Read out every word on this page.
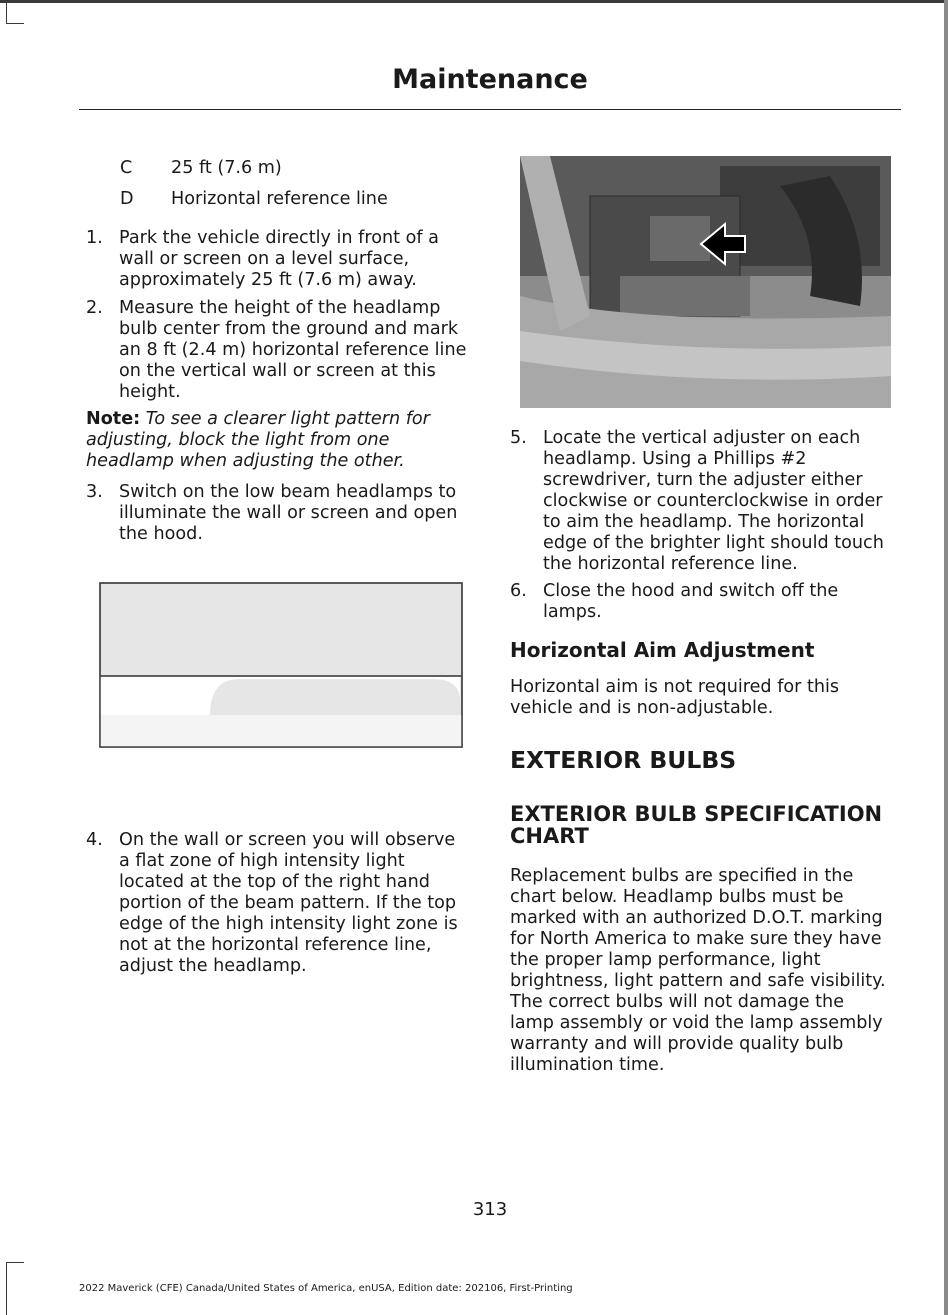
Maintenance
C 25 ft (7.6 m)
D Horizontal reference line
1. Park the vehicle directly in front of a
wall or screen on a level surface,
approximately 25 ft (7.6 m) away.
2. Measure the height of the headlamp
bulb center from the ground and mark
an 8 ft (2.4 m) horizontal reference line
on the vertical wall or screen at this
height.
Note: To see a clearer light pattern for
adjusting, block the light from one
headlamp when adjusting the other.
3. Switch on the low beam headlamps to
illuminate the wall or screen and open
the hood.
4. On the wall or screen you will observe
a flat zone of high intensity light
located at the top of the right hand
portion of the beam pattern. If the top
edge of the high intensity light zone is
not at the horizontal reference line,
adjust the headlamp.
5. Locate the vertical adjuster on each
headlamp. Using a Phillips #2
screwdriver, turn the adjuster either
clockwise or counterclockwise in order
to aim the headlamp. The horizontal
edge of the brighter light should touch
the horizontal reference line.
6. Close the hood and switch off the
lamps.
Horizontal Aim Adjustment
Horizontal aim is not required for this
vehicle and is non-adjustable.
EXTERIOR BULBS
EXTERIOR BULB SPECIFICATION
CHART
Replacement bulbs are specified in the
chart below. Headlamp bulbs must be
marked with an authorized D.O.T. marking
for North America to make sure they have
the proper lamp performance, light
brightness, light pattern and safe visibility.
The correct bulbs will not damage the
lamp assembly or void the lamp assembly
warranty and will provide quality bulb
illumination time.
313
2022 Maverick (CFE) Canada/United States of America, enUSA, Edition date: 202106, First-Printing
